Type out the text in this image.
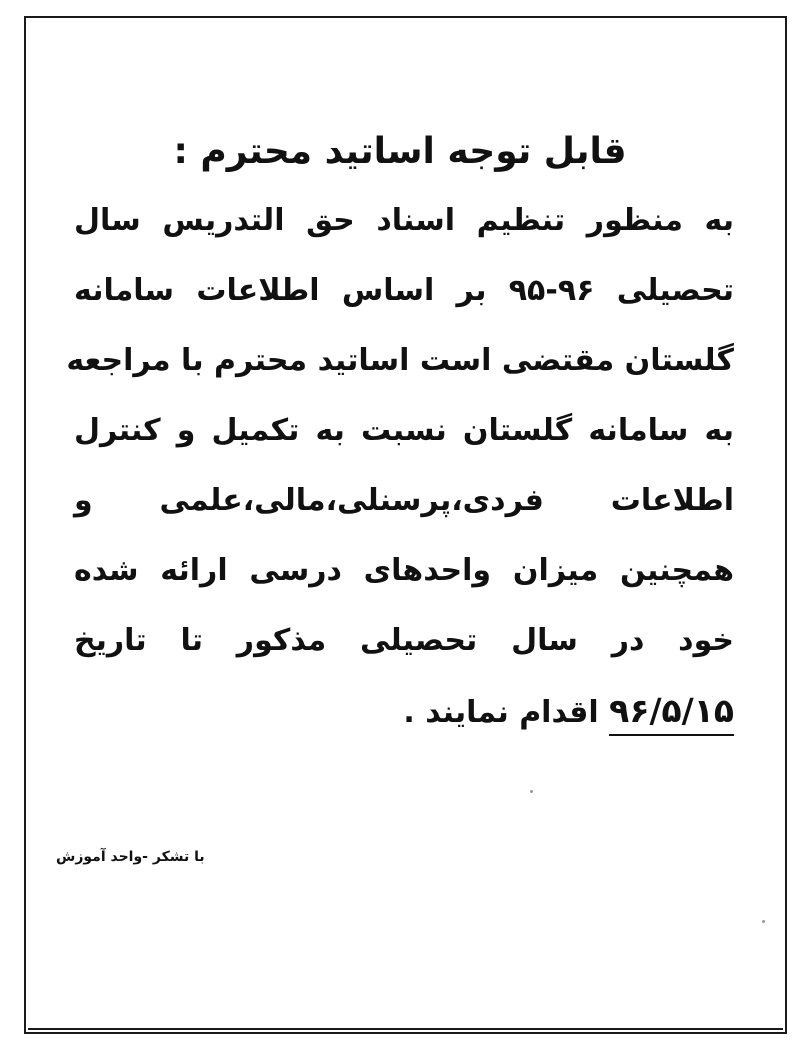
قابل توجه اساتید محترم :
به منظور تنظیم اسناد حق التدریس سال
تحصیلی ۹۶-۹۵ بر اساس اطلاعات سامانه
گلستان مقتضی است اساتید محترم با مراجعه
به سامانه گلستان نسبت به تکمیل و کنترل
اطلاعات فردی،پرسنلی،مالی،علمی و
همچنین میزان واحدهای درسی ارائه شده
خود در سال تحصیلی مذکور تا تاریخ
۹۶/۵/۱۵ اقدام نمایند .
با تشکر -واحد آموزش
